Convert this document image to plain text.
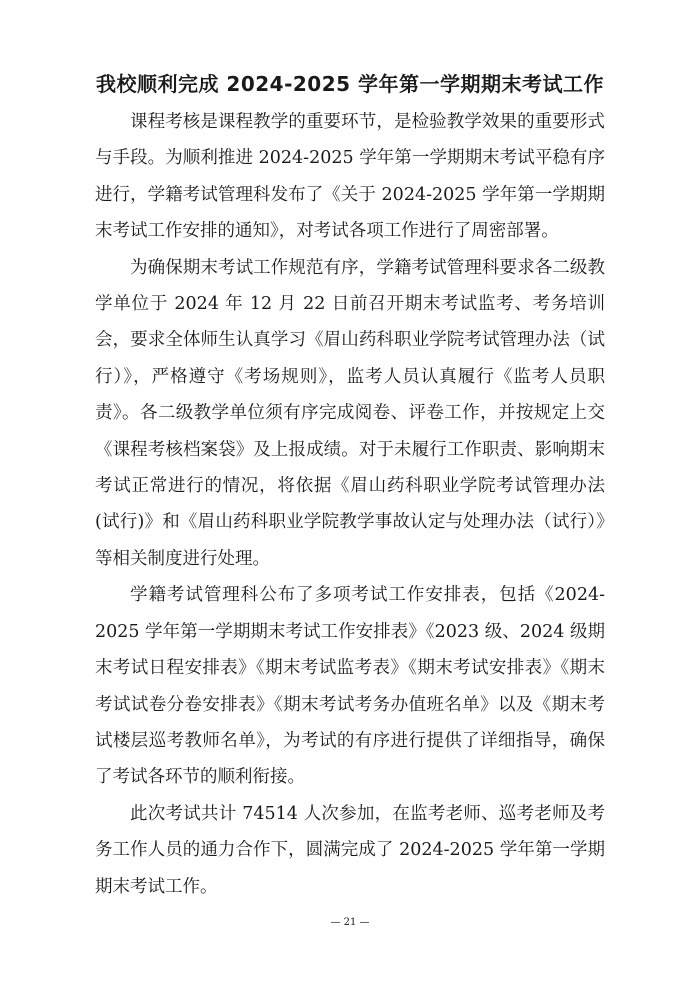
我校顺利完成 2024-2025 学年第一学期期末考试工作

课程考核是课程教学的重要环节，是检验教学效果的重要形式与手段。为顺利推进 2024-2025 学年第一学期期末考试平稳有序进行，学籍考试管理科发布了《关于 2024-2025 学年第一学期期末考试工作安排的通知》，对考试各项工作进行了周密部署。

为确保期末考试工作规范有序，学籍考试管理科要求各二级教学单位于 2024 年 12 月 22 日前召开期末考试监考、考务培训会，要求全体师生认真学习《眉山药科职业学院考试管理办法（试行）》，严格遵守《考场规则》，监考人员认真履行《监考人员职责》。各二级教学单位须有序完成阅卷、评卷工作，并按规定上交《课程考核档案袋》及上报成绩。对于未履行工作职责、影响期末考试正常进行的情况，将依据《眉山药科职业学院考试管理办法(试行)》和《眉山药科职业学院教学事故认定与处理办法（试行）》等相关制度进行处理。

学籍考试管理科公布了多项考试工作安排表，包括《2024-2025 学年第一学期期末考试工作安排表》《2023 级、2024 级期末考试日程安排表》《期末考试监考表》《期末考试安排表》《期末考试试卷分卷安排表》《期末考试考务办值班名单》以及《期末考试楼层巡考教师名单》，为考试的有序进行提供了详细指导，确保了考试各环节的顺利衔接。

此次考试共计 74514 人次参加，在监考老师、巡考老师及考务工作人员的通力合作下，圆满完成了 2024-2025 学年第一学期期末考试工作。

— 21 —
